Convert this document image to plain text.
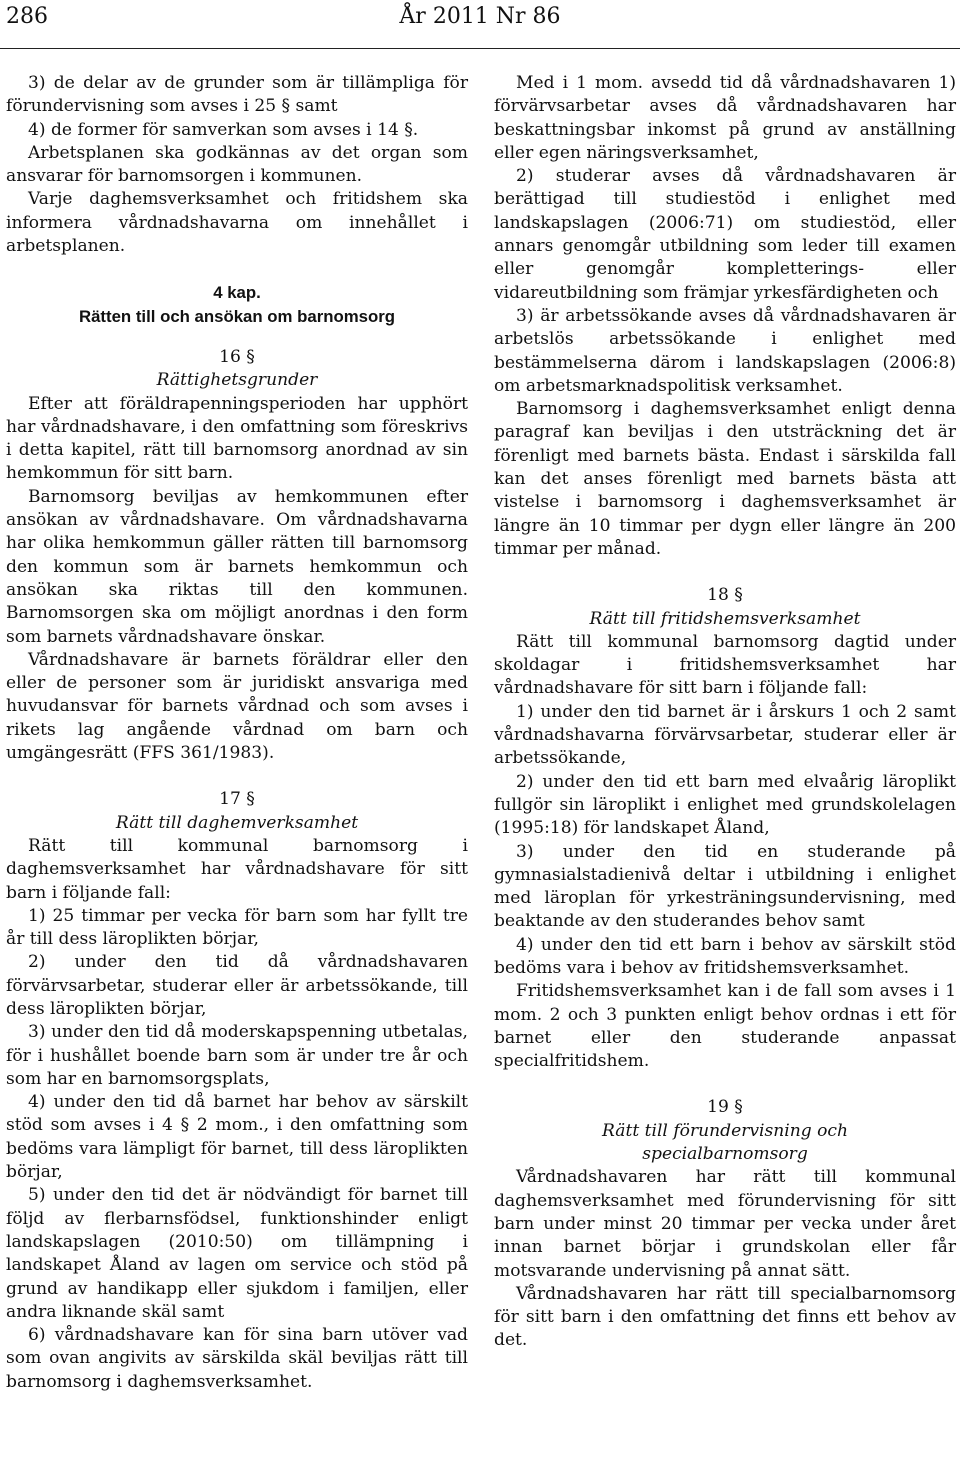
286	År 2011 Nr 86

3) de delar av de grunder som är tillämpliga för förundervisning som avses i 25 § samt

4) de former för samverkan som avses i 14 §.

Arbetsplanen ska godkännas av det organ som ansvarar för barnomsorgen i kommunen.

Varje daghemsverksamhet och fritidshem ska informera vårdnadshavarna om innehållet i arbetsplanen.

4 kap.

Rätten till och ansökan om barnomsorg

16 §

Rättighetsgrunder

Efter att föräldrapenningsperioden har upphört har vårdnadshavare, i den omfattning som föreskrivs i detta kapitel, rätt till barnomsorg anordnad av sin hemkommun för sitt barn.

Barnomsorg beviljas av hemkommunen efter ansökan av vårdnadshavare. Om vårdnadshavarna har olika hemkommun gäller rätten till barnomsorg den kommun som är barnets hemkommun och ansökan ska riktas till den kommunen. Barnomsorgen ska om möjligt anordnas i den form som barnets vårdnadshavare önskar.

Vårdnadshavare är barnets föräldrar eller den eller de personer som är juridiskt ansvariga med huvudansvar för barnets vårdnad och som avses i rikets lag angående vårdnad om barn och umgängesrätt (FFS 361/1983).

17 §

Rätt till daghemverksamhet

Rätt till kommunal barnomsorg i daghemsverksamhet har vårdnadshavare för sitt barn i följande fall:

1) 25 timmar per vecka för barn som har fyllt tre år till dess läroplikten börjar,

2) under den tid då vårdnadshavaren förvärvsarbetar, studerar eller är arbetssökande, till dess läroplikten börjar,

3) under den tid då moderskapspenning utbetalas, för i hushållet boende barn som är under tre år och som har en barnomsorgsplats,

4) under den tid då barnet har behov av särskilt stöd som avses i 4 § 2 mom., i den omfattning som bedöms vara lämpligt för barnet, till dess läroplikten börjar,

5) under den tid det är nödvändigt för barnet till följd av flerbarnsfödsel, funktionshinder enligt landskapslagen (2010:50) om tillämpning i landskapet Åland av lagen om service och stöd på grund av handikapp eller sjukdom i familjen, eller andra liknande skäl samt

6) vårdnadshavare kan för sina barn utöver vad som ovan angivits av särskilda skäl beviljas rätt till barnomsorg i daghemsverksamhet.

Med i 1 mom. avsedd tid då vårdnadshavaren 1) förvärvsarbetar avses då vårdnadshavaren har beskattningsbar inkomst på grund av anställning eller egen näringsverksamhet,

2) studerar avses då vårdnadshavaren är berättigad till studiestöd i enlighet med landskapslagen (2006:71) om studiestöd, eller annars genomgår utbildning som leder till examen eller genomgår kompletterings- eller vidareutbildning som främjar yrkesfärdigheten och

3) är arbetssökande avses då vårdnadshavaren är arbetslös arbetssökande i enlighet med bestämmelserna därom i landskapslagen (2006:8) om arbetsmarknadspolitisk verksamhet.

Barnomsorg i daghemsverksamhet enligt denna paragraf kan beviljas i den utsträckning det är förenligt med barnets bästa. Endast i särskilda fall kan det anses förenligt med barnets bästa att vistelse i barnomsorg i daghemsverksamhet är längre än 10 timmar per dygn eller längre än 200 timmar per månad.

18 §

Rätt till fritidshemsverksamhet

Rätt till kommunal barnomsorg dagtid under skoldagar i fritidshemsverksamhet har vårdnadshavare för sitt barn i följande fall:

1) under den tid barnet är i årskurs 1 och 2 samt vårdnadshavarna förvärvsarbetar, studerar eller är arbetssökande,

2) under den tid ett barn med elvaårig läroplikt fullgör sin läroplikt i enlighet med grundskolelagen (1995:18) för landskapet Åland,

3) under den tid en studerande på gymnasialstadienivå deltar i utbildning i enlighet med läroplan för yrkesträningsundervisning, med beaktande av den studerandes behov samt

4) under den tid ett barn i behov av särskilt stöd bedöms vara i behov av fritidshemsverksamhet.

Fritidshemsverksamhet kan i de fall som avses i 1 mom. 2 och 3 punkten enligt behov ordnas i ett för barnet eller den studerande anpassat specialfritidshem.

19 §

Rätt till förundervisning och

specialbarnomsorg

Vårdnadshavaren har rätt till kommunal daghemsverksamhet med förundervisning för sitt barn under minst 20 timmar per vecka under året innan barnet börjar i grundskolan eller får motsvarande undervisning på annat sätt.

Vårdnadshavaren har rätt till specialbarnomsorg för sitt barn i den omfattning det finns ett behov av det.
